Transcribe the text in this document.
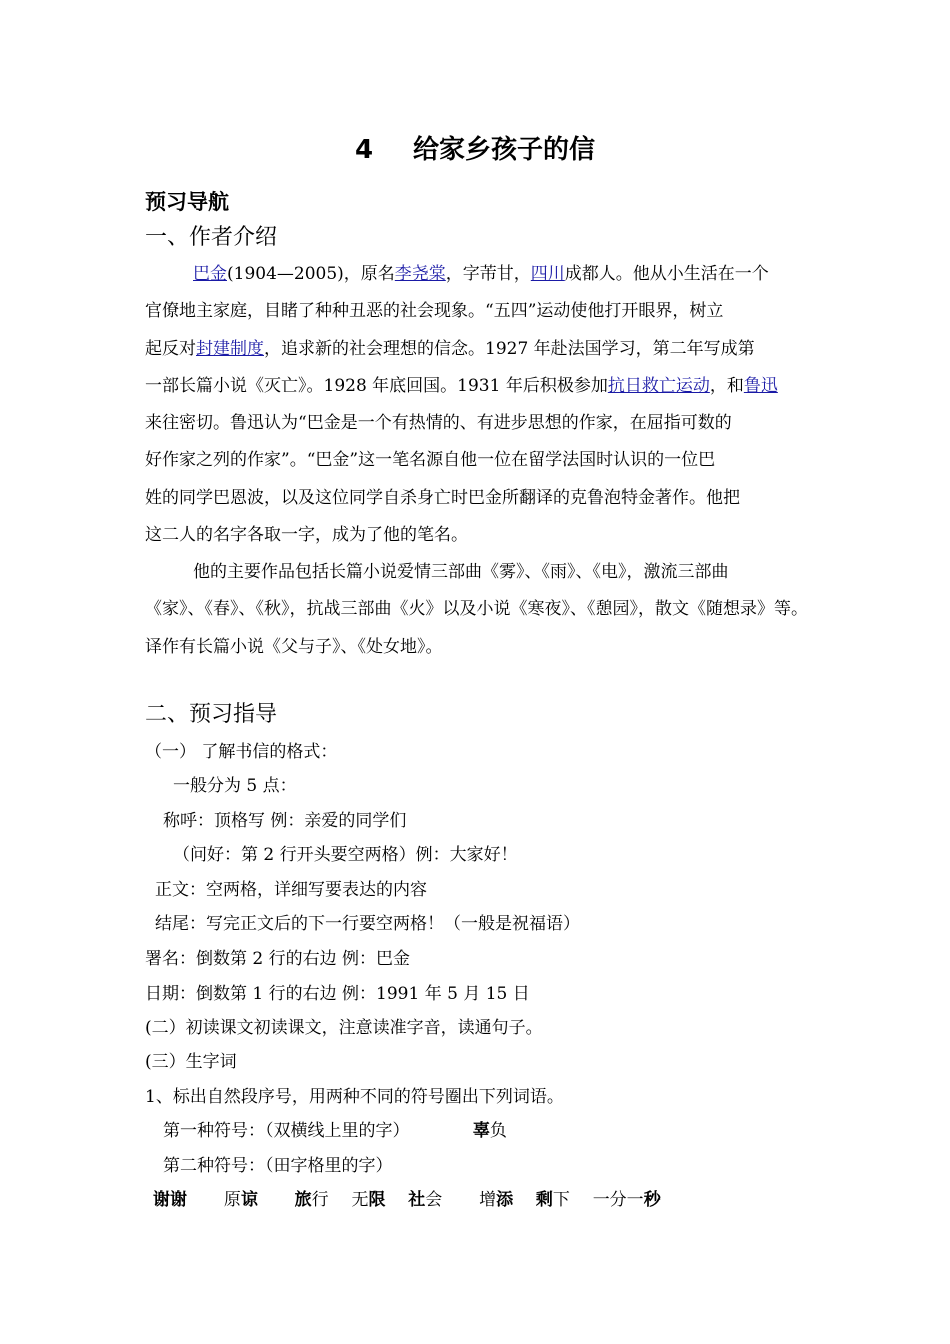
4 给家乡孩子的信
预习导航
一、作者介绍
巴金(1904—2005)，原名李尧棠，字芾甘，四川成都人。他从小生活在一个
官僚地主家庭，目睹了种种丑恶的社会现象。“五四”运动使他打开眼界，树立
起反对封建制度，追求新的社会理想的信念。1927 年赴法国学习，第二年写成第
一部长篇小说《灭亡》。1928 年底回国。1931 年后积极参加抗日救亡运动，和鲁迅
来往密切。鲁迅认为“巴金是一个有热情的、有进步思想的作家，在屈指可数的
好作家之列的作家”。“巴金”这一笔名源自他一位在留学法国时认识的一位巴
姓的同学巴恩波，以及这位同学自杀身亡时巴金所翻译的克鲁泡特金著作。他把
这二人的名字各取一字，成为了他的笔名。
他的主要作品包括长篇小说爱情三部曲《雾》、《雨》、《电》，激流三部曲
《家》、《春》、《秋》，抗战三部曲《火》以及小说《寒夜》、《憩园》，散文《随想录》等。
译作有长篇小说《父与子》、《处女地》。
二、预习指导
（一） 了解书信的格式：
一般分为 5 点：
称呼：顶格写 例：亲爱的同学们
（问好：第 2 行开头要空两格）例：大家好！
正文：空两格，详细写要表达的内容
结尾：写完正文后的下一行要空两格！（一般是祝福语）
署名：倒数第 2 行的右边 例：巴金
日期：倒数第 1 行的右边 例：1991 年 5 月 15 日
(二）初读课文初读课文，注意读准字音，读通句子。
(三）生字词
1、标出自然段序号，用两种不同的符号圈出下列词语。
第一种符号：（双横线上里的字）	辜负
第二种符号：（田字格里的字）
谢谢 原谅 旅行 无限 社会 增添 剩下 一分一秒
